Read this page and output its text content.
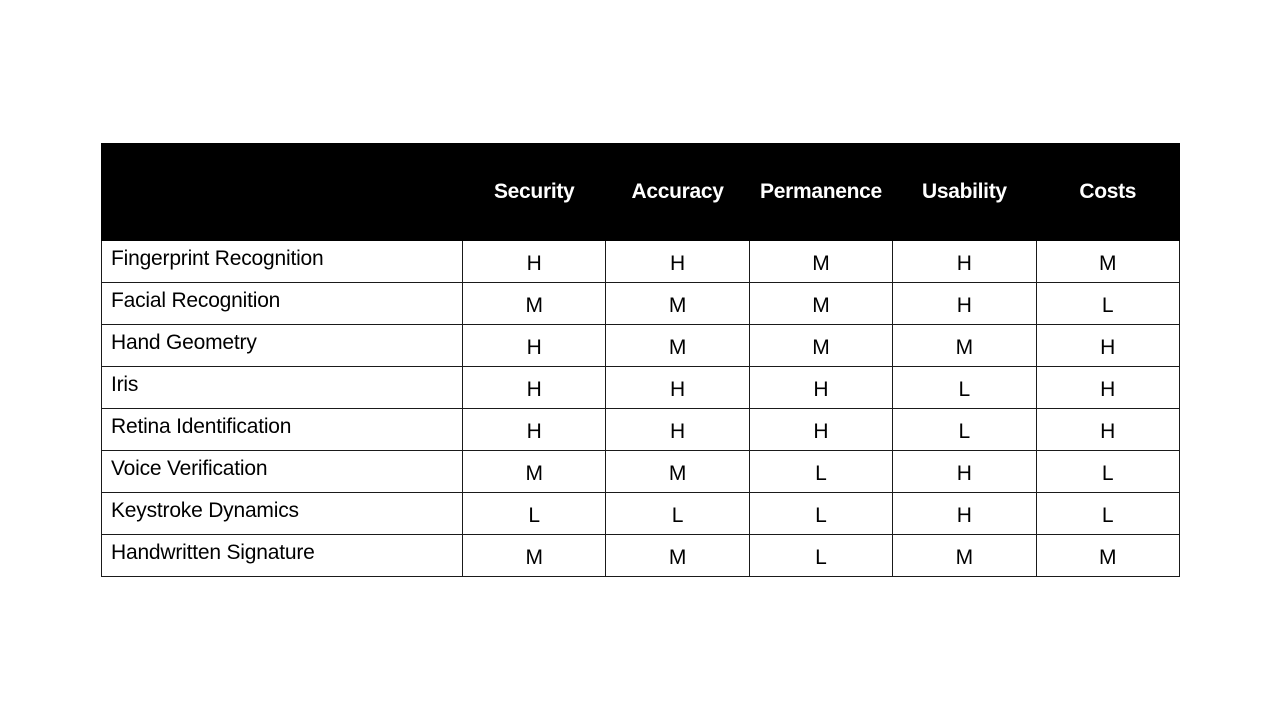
	Security	Accuracy	Permanence	Usability	Costs
Fingerprint Recognition	H	H	M	H	M
Facial Recognition	M	M	M	H	L
Hand Geometry	H	M	M	M	H
Iris	H	H	H	L	H
Retina Identification	H	H	H	L	H
Voice Verification	M	M	L	H	L
Keystroke Dynamics	L	L	L	H	L
Handwritten Signature	M	M	L	M	M
